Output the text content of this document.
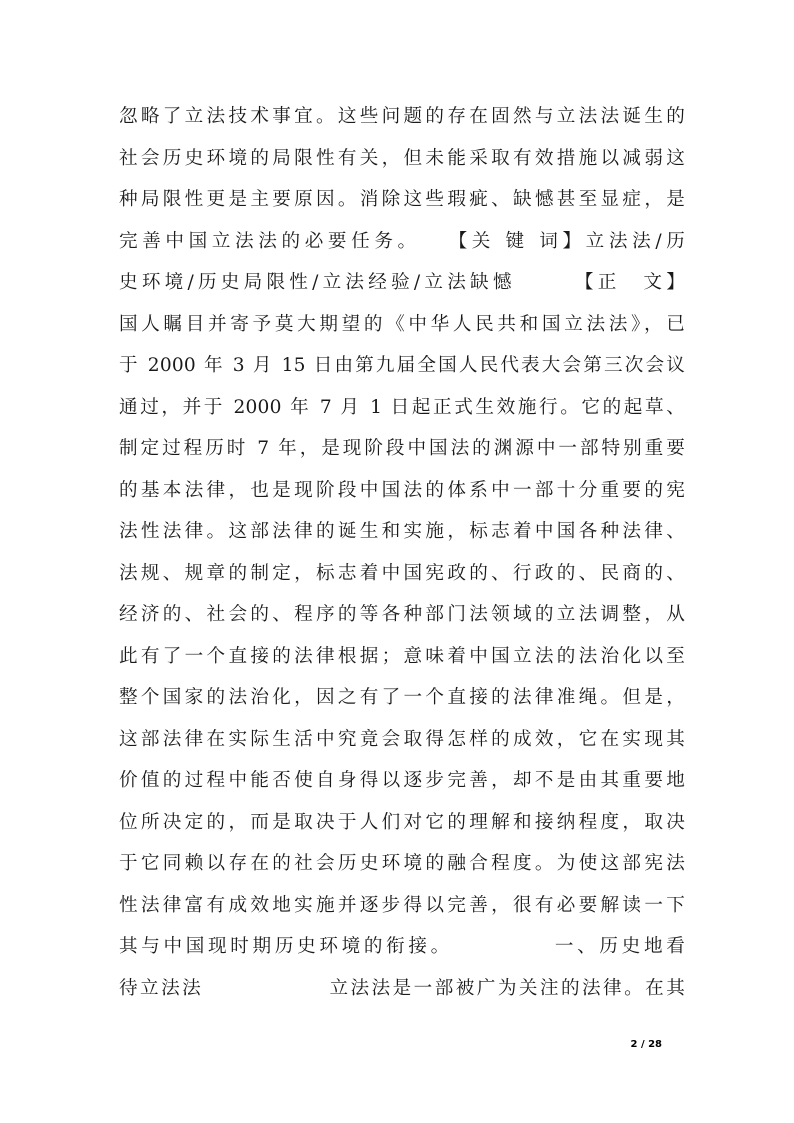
忽略了立法技术事宜。这些问题的存在固然与立法法诞生的
社会历史环境的局限性有关，但未能采取有效措施以减弱这
种局限性更是主要原因。消除这些瑕疵、缺憾甚至显症，是
完善中国立法法的必要任务。　　【关 键 词】立法法/历
史环境/历史局限性/立法经验/立法缺憾　　　【正　文】
国人瞩目并寄予莫大期望的《中华人民共和国立法法》，已
于 2000 年 3 月 15 日由第九届全国人民代表大会第三次会议
通过，并于 2000 年 7 月 1 日起正式生效施行。它的起草、
制定过程历时 7 年，是现阶段中国法的渊源中一部特别重要
的基本法律，也是现阶段中国法的体系中一部十分重要的宪
法性法律。这部法律的诞生和实施，标志着中国各种法律、
法规、规章的制定，标志着中国宪政的、行政的、民商的、
经济的、社会的、程序的等各种部门法领域的立法调整，从
此有了一个直接的法律根据；意味着中国立法的法治化以至
整个国家的法治化，因之有了一个直接的法律准绳。但是，
这部法律在实际生活中究竟会取得怎样的成效，它在实现其
价值的过程中能否使自身得以逐步完善，却不是由其重要地
位所决定的，而是取决于人们对它的理解和接纳程度，取决
于它同赖以存在的社会历史环境的融合程度。为使这部宪法
性法律富有成效地实施并逐步得以完善，很有必要解读一下
其与中国现时期历史环境的衔接。　　　　　一、历史地看
待立法法　　　　　　立法法是一部被广为关注的法律。在其
2 / 28
